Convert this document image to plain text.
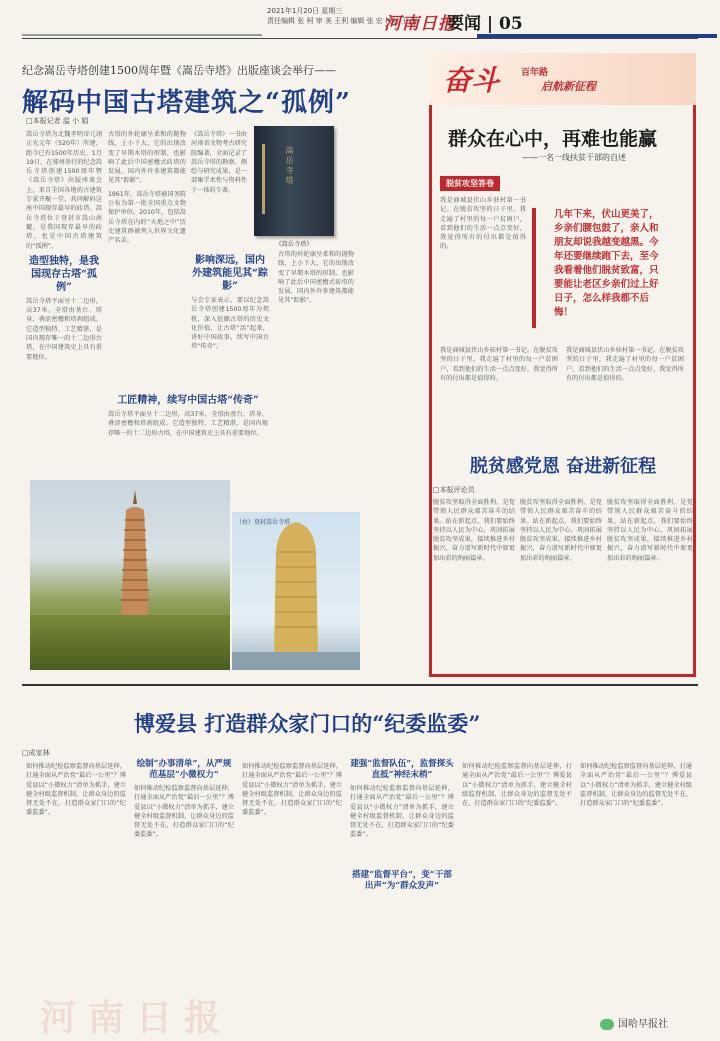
2021年1月20日 星期三
责任编辑 张 柯 审 美 王利 编辑 张 宏 校对 王 军
河南日报
要闻 | 05
纪念嵩岳寺塔创建1500周年暨《嵩岳寺塔》出版座谈会举行——
解码中国古塔建筑之“孤例”
□本报记者 温 小 娟
嵩岳寺塔为北魏孝明帝元诩正光元年（520年）所建，距今已有1500年历史。1月19日，在郑州举行的纪念嵩岳寺塔创建1500周年暨《嵩岳寺塔》出版座谈会上，来自全国各地的古建筑专家齐聚一堂，共同解码这座中国现存最早的砖塔。嵩岳寺塔位于登封市嵩山南麓，是我国现存最早的砖塔，也是中国古塔建筑的“孤例”。
造型独特，是我国现存古塔“孤例”
嵩岳寺塔平面呈十二边形，高37米，全塔由基台、塔身、叠涩密檐和塔刹组成。它造型独特、工艺精湛，是国内现存唯一的十二边形古塔，在中国建筑史上具有重要地位。
古塔的外轮廓呈柔和的抛物线，上小下大，它的出现改变了早期木塔的形制，也影响了此后中国密檐式砖塔的发展，国内外许多建筑都能见其“踪影”。
1961年，嵩岳寺塔被国务院公布为第一批全国重点文物保护单位。2010年，包括嵩岳寺塔在内的“天地之中”历史建筑群被列入世界文化遗产名录。
《嵩岳寺塔》一书由河南省文物考古研究院编著，全面记录了嵩岳寺塔的勘察、测绘与研究成果，是一部集学术性与资料性于一体的专著。
嵩岳寺塔
《嵩岳寺塔》
影响深远，国内外建筑能见其“踪影”
与会专家表示，要以纪念嵩岳寺塔创建1500周年为契机，深入挖掘古塔的历史文化价值，让古塔“活”起来，讲好中国故事，续写中国古塔“传奇”。
古塔的外轮廓呈柔和的抛物线，上小下大，它的出现改变了早期木塔的形制，也影响了此后中国密檐式砖塔的发展，国内外许多建筑都能见其“踪影”。
工匠精神，续写中国古塔“传奇”
嵩岳寺塔平面呈十二边形，高37米，全塔由基台、塔身、叠涩密檐和塔刹组成。它造型独特、工艺精湛，是国内现存唯一的十二边形古塔，在中国建筑史上具有重要地位。
（右）登封嵩岳寺塔
群众在心中，再难也能赢
——一名一线扶贫干部的自述
脱贫攻坚答卷
几年下来，伏山更美了，乡亲们腰包鼓了，亲人和朋友却说我越变越黑。今年还要继续跑下去，至今我看着他们脱贫致富，只要能让老区乡亲们过上好日子，怎么样我都不后悔！
我是商城县伏山乡驻村第一书记。在脱贫攻坚的日子里，我走遍了村里的每一户贫困户，看到他们的生活一点点变好，我觉得所有的付出都是值得的。
我是商城县伏山乡驻村第一书记。在脱贫攻坚的日子里，我走遍了村里的每一户贫困户，看到他们的生活一点点变好，我觉得所有的付出都是值得的。
我是商城县伏山乡驻村第一书记。在脱贫攻坚的日子里，我走遍了村里的每一户贫困户，看到他们的生活一点点变好，我觉得所有的付出都是值得的。
奋斗 百年路
启航新征程
脱贫感党恩 奋进新征程
□本报评论员
脱贫攻坚取得全面胜利，是党带领人民群众艰苦奋斗的结果。站在新起点，我们要始终坚持以人民为中心，巩固拓展脱贫攻坚成果，接续推进乡村振兴，奋力谱写新时代中原更加出彩的绚丽篇章。
脱贫攻坚取得全面胜利，是党带领人民群众艰苦奋斗的结果。站在新起点，我们要始终坚持以人民为中心，巩固拓展脱贫攻坚成果，接续推进乡村振兴，奋力谱写新时代中原更加出彩的绚丽篇章。
脱贫攻坚取得全面胜利，是党带领人民群众艰苦奋斗的结果。站在新起点，我们要始终坚持以人民为中心，巩固拓展脱贫攻坚成果，接续推进乡村振兴，奋力谱写新时代中原更加出彩的绚丽篇章。
博爱县 打造群众家门口的“纪委监委”
□成家林
如何推动纪检监察监督向基层延伸，打通全面从严治党“最后一公里”？博爱县以“小微权力”清单为抓手，建立健全村级监督机制，让群众身边的监督无处不在，打造群众家门口的“纪委监委”。
绘制“办事清单”，从严规范基层“小微权力”
如何推动纪检监察监督向基层延伸，打通全面从严治党“最后一公里”？博爱县以“小微权力”清单为抓手，建立健全村级监督机制，让群众身边的监督无处不在，打造群众家门口的“纪委监委”。
如何推动纪检监察监督向基层延伸，打通全面从严治党“最后一公里”？博爱县以“小微权力”清单为抓手，建立健全村级监督机制，让群众身边的监督无处不在，打造群众家门口的“纪委监委”。
建强“监督队伍”，监督探头直抵“神经末梢”
如何推动纪检监察监督向基层延伸，打通全面从严治党“最后一公里”？博爱县以“小微权力”清单为抓手，建立健全村级监督机制，让群众身边的监督无处不在，打造群众家门口的“纪委监委”。
搭建“监督平台”，变“干部出声”为“群众发声”
如何推动纪检监察监督向基层延伸，打通全面从严治党“最后一公里”？博爱县以“小微权力”清单为抓手，建立健全村级监督机制，让群众身边的监督无处不在，打造群众家门口的“纪委监委”。
如何推动纪检监察监督向基层延伸，打通全面从严治党“最后一公里”？博爱县以“小微权力”清单为抓手，建立健全村级监督机制，让群众身边的监督无处不在，打造群众家门口的“纪委监委”。
河南日报	国哈早报社
